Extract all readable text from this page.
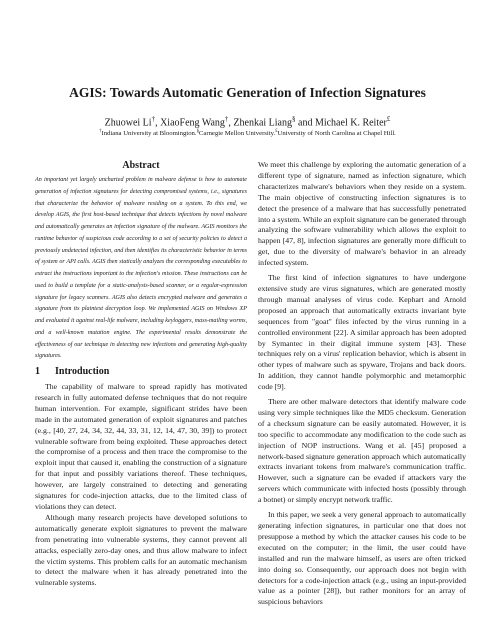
AGIS: Towards Automatic Generation of Infection Signatures
Zhuowei Li†, XiaoFeng Wang†, Zhenkai Liang§ and Michael K. Reiter£
†Indiana University at Bloomington.§Carnegie Mellon University.£University of North Carolina at Chapel Hill.
Abstract

An important yet largely uncharted problem in malware defense is how to automate generation of infection signatures for detecting compromised systems, i.e., signatures that characterize the behavior of malware residing on a system. To this end, we develop AGIS, the first host-based technique that detects infections by novel malware and automatically generates an infection signature of the malware. AGIS monitors the runtime behavior of suspicious code according to a set of security policies to detect a previously undetected infection, and then identifies its characteristic behavior in terms of system or API calls. AGIS then statically analyzes the corresponding executables to extract the instructions important to the infection's mission. These instructions can be used to build a template for a static-analysis-based scanner, or a regular-expression signature for legacy scanners. AGIS also detects encrypted malware and generates a signature from its plaintext decryption loop. We implemented AGIS on Windows XP and evaluated it against real-life malware, including keyloggers, mass-mailing worms, and a well-known mutation engine. The experimental results demonstrate the effectiveness of our technique in detecting new infections and generating high-quality signatures.

1 Introduction

The capability of malware to spread rapidly has motivated research in fully automated defense techniques that do not require human intervention. For example, significant strides have been made in the automated generation of exploit signatures and patches (e.g., [40, 27, 24, 34, 32, 44, 33, 31, 12, 14, 47, 30, 39]) to protect vulnerable software from being exploited. These approaches detect the compromise of a process and then trace the compromise to the exploit input that caused it, enabling the construction of a signature for that input and possibly variations thereof. These techniques, however, are largely constrained to detecting and generating signatures for code-injection attacks, due to the limited class of violations they can detect.

Although many research projects have developed solutions to automatically generate exploit signatures to prevent the malware from penetrating into vulnerable systems, they cannot prevent all attacks, especially zero-day ones, and thus allow malware to infect the victim systems. This problem calls for an automatic mechanism to detect the malware when it has already penetrated into the vulnerable systems.

We meet this challenge by exploring the automatic generation of a different type of signature, named as infection signature, which characterizes malware's behaviors when they reside on a system. The main objective of constructing infection signatures is to detect the presence of a malware that has successfully penetrated into a system. While an exploit signature can be generated through analyzing the software vulnerability which allows the exploit to happen [47, 8], infection signatures are generally more difficult to get, due to the diversity of malware's behavior in an already infected system.

The first kind of infection signatures to have undergone extensive study are virus signatures, which are generated mostly through manual analyses of virus code. Kephart and Arnold proposed an approach that automatically extracts invariant byte sequences from "goat" files infected by the virus running in a controlled environment [22]. A similar approach has been adopted by Symantec in their digital immune system [43]. These techniques rely on a virus' replication behavior, which is absent in other types of malware such as spyware, Trojans and back doors. In addition, they cannot handle polymorphic and metamorphic code [9].

There are other malware detectors that identify malware code using very simple techniques like the MD5 checksum. Generation of a checksum signature can be easily automated. However, it is too specific to accommodate any modification to the code such as injection of NOP instructions. Wang et al. [45] proposed a network-based signature generation approach which automatically extracts invariant tokens from malware's communication traffic. However, such a signature can be evaded if attackers vary the servers which communicate with infected hosts (possibly through a botnet) or simply encrypt network traffic.

In this paper, we seek a very general approach to automatically generating infection signatures, in particular one that does not presuppose a method by which the attacker causes his code to be executed on the computer; in the limit, the user could have installed and run the malware himself, as users are often tricked into doing so. Consequently, our approach does not begin with detectors for a code-injection attack (e.g., using an input-provided value as a pointer [28]), but rather monitors for an array of suspicious behaviors
